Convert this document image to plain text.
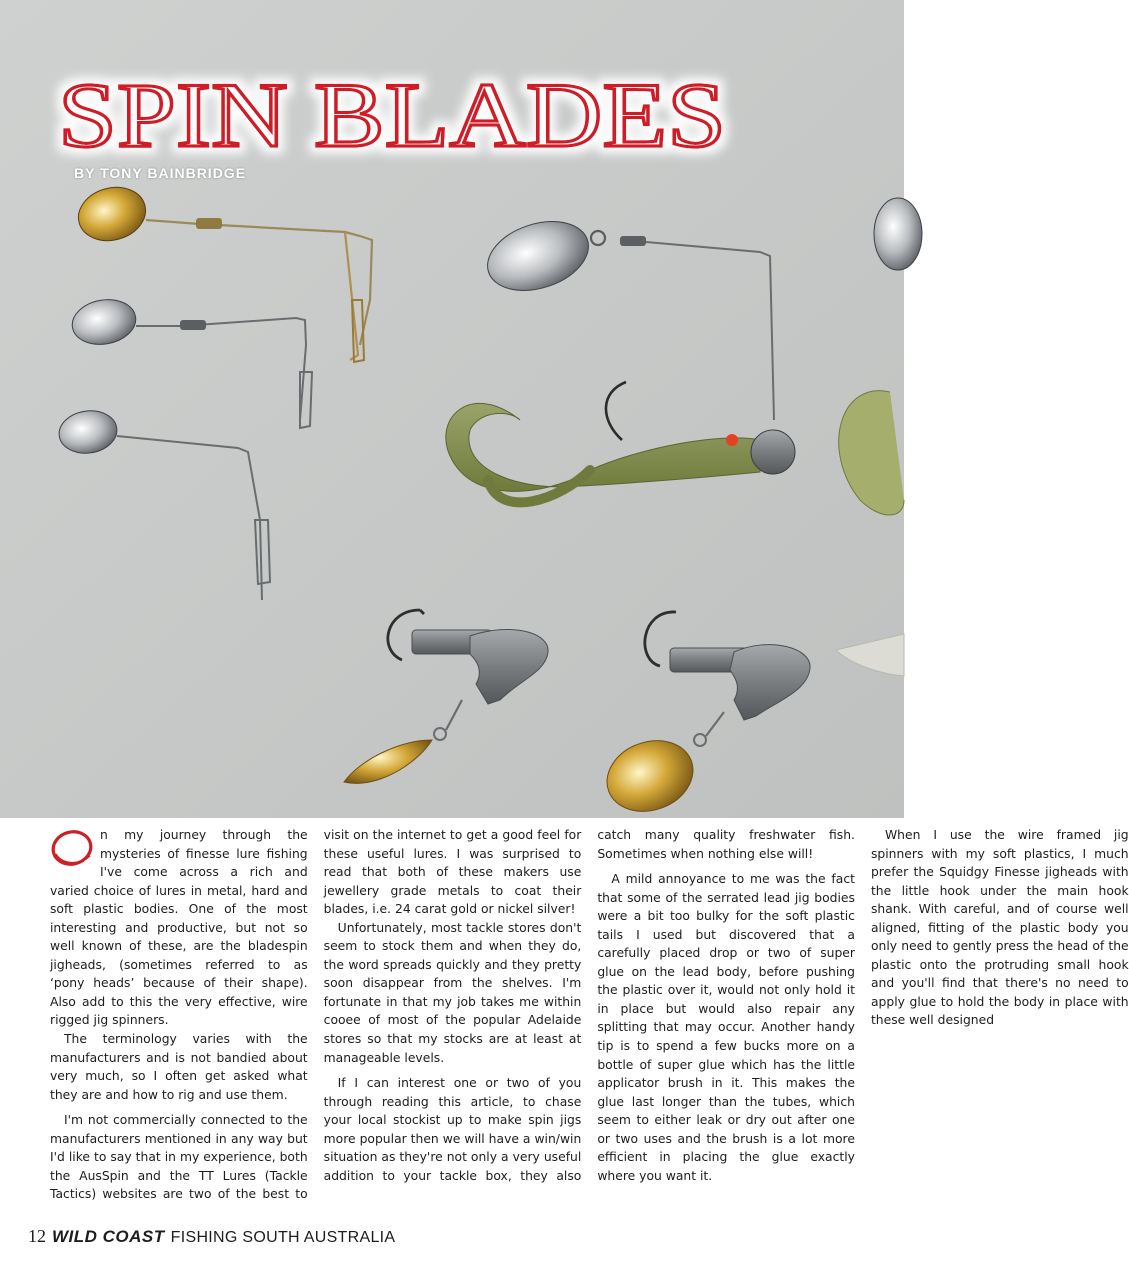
SPIN BLADES
BY TONY BAINBRIDGE

n my journey through the mysteries of finesse lure fishing I've come across a rich and varied choice of lures in metal, hard and soft plastic bodies. One of the most interesting and productive, but not so well known of these, are the bladespin jigheads, (sometimes referred to as ‘pony heads’ because of their shape). Also add to this the very effective, wire rigged jig spinners.

The terminology varies with the manufacturers and is not bandied about very much, so I often get asked what they are and how to rig and use them.

I'm not commercially connected to the manufacturers mentioned in any way but I'd like to say that in my experience, both the AusSpin and the TT Lures (Tackle Tactics) websites are two of the best to visit on the internet to get a good feel for these useful lures. I was surprised to read that both of these makers use jewellery grade metals to coat their blades, i.e. 24 carat gold or nickel silver!

Unfortunately, most tackle stores don't seem to stock them and when they do, the word spreads quickly and they pretty soon disappear from the shelves. I'm fortunate in that my job takes me within cooee of most of the popular Adelaide stores so that my stocks are at least at manageable levels.

If I can interest one or two of you through reading this article, to chase your local stockist up to make spin jigs more popular then we will have a win/win situation as they're not only a very useful addition to your tackle box, they also catch many quality freshwater fish. Sometimes when nothing else will!

A mild annoyance to me was the fact that some of the serrated lead jig bodies were a bit too bulky for the soft plastic tails I used but discovered that a carefully placed drop or two of super glue on the lead body, before pushing the plastic over it, would not only hold it in place but would also repair any splitting that may occur. Another handy tip is to spend a few bucks more on a bottle of super glue which has the little applicator brush in it. This makes the glue last longer than the tubes, which seem to either leak or dry out after one or two uses and the brush is a lot more efficient in placing the glue exactly where you want it.

When I use the wire framed jig spinners with my soft plastics, I much prefer the Squidgy Finesse jigheads with the little hook under the main hook shank. With careful, and of course well aligned, fitting of the plastic body you only need to gently press the head of the plastic onto the protruding small hook and you'll find that there's no need to apply glue to hold the body in place with these well designed

12 WILD COAST FISHING SOUTH AUSTRALIA
